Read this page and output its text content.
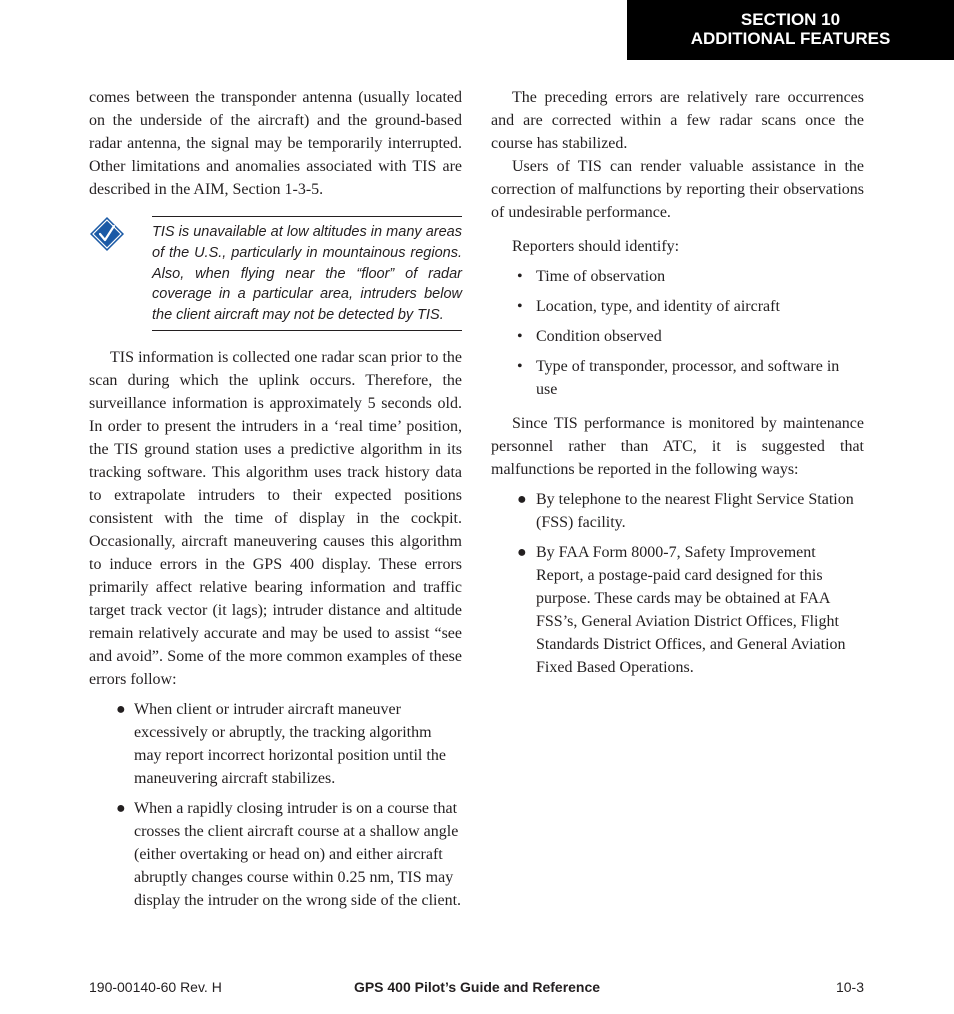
SECTION 10
ADDITIONAL FEATURES

comes between the transponder antenna (usually located on the underside of the aircraft) and the ground-based radar antenna, the signal may be temporarily interrupted. Other limitations and anomalies associated with TIS are described in the AIM, Section 1-3-5.

TIS is unavailable at low altitudes in many areas of the U.S., particularly in mountainous regions. Also, when flying near the “floor” of radar coverage in a particular area, intruders below the client aircraft may not be detected by TIS.

TIS information is collected one radar scan prior to the scan during which the uplink occurs. Therefore, the surveillance information is approximately 5 seconds old. In order to present the intruders in a ‘real time’ position, the TIS ground station uses a predictive algorithm in its tracking software. This algorithm uses track history data to extrapolate intruders to their expected positions consistent with the time of display in the cockpit. Occasionally, aircraft maneuvering causes this algorithm to induce errors in the GPS 400 display. These errors primarily affect relative bearing information and traffic target track vector (it lags); intruder distance and altitude remain relatively accurate and may be used to assist “see and avoid”. Some of the more common examples of these errors follow:

● When client or intruder aircraft maneuver excessively or abruptly, the tracking algorithm may report incorrect horizontal position until the maneuvering aircraft stabilizes.
● When a rapidly closing intruder is on a course that crosses the client aircraft course at a shallow angle (either overtaking or head on) and either aircraft abruptly changes course within 0.25 nm, TIS may display the intruder on the wrong side of the client.

The preceding errors are relatively rare occurrences and are corrected within a few radar scans once the course has stabilized.

Users of TIS can render valuable assistance in the correction of malfunctions by reporting their observations of undesirable performance.

Reporters should identify:

• Time of observation
• Location, type, and identity of aircraft
• Condition observed
• Type of transponder, processor, and software in use

Since TIS performance is monitored by maintenance personnel rather than ATC, it is suggested that malfunctions be reported in the following ways:

● By telephone to the nearest Flight Service Station (FSS) facility.
● By FAA Form 8000-7, Safety Improvement Report, a postage-paid card designed for this purpose. These cards may be obtained at FAA FSS’s, General Aviation District Offices, Flight Standards District Offices, and General Aviation Fixed Based Operations.
190-00140-60 Rev. H	GPS 400 Pilot’s Guide and Reference	10-3
